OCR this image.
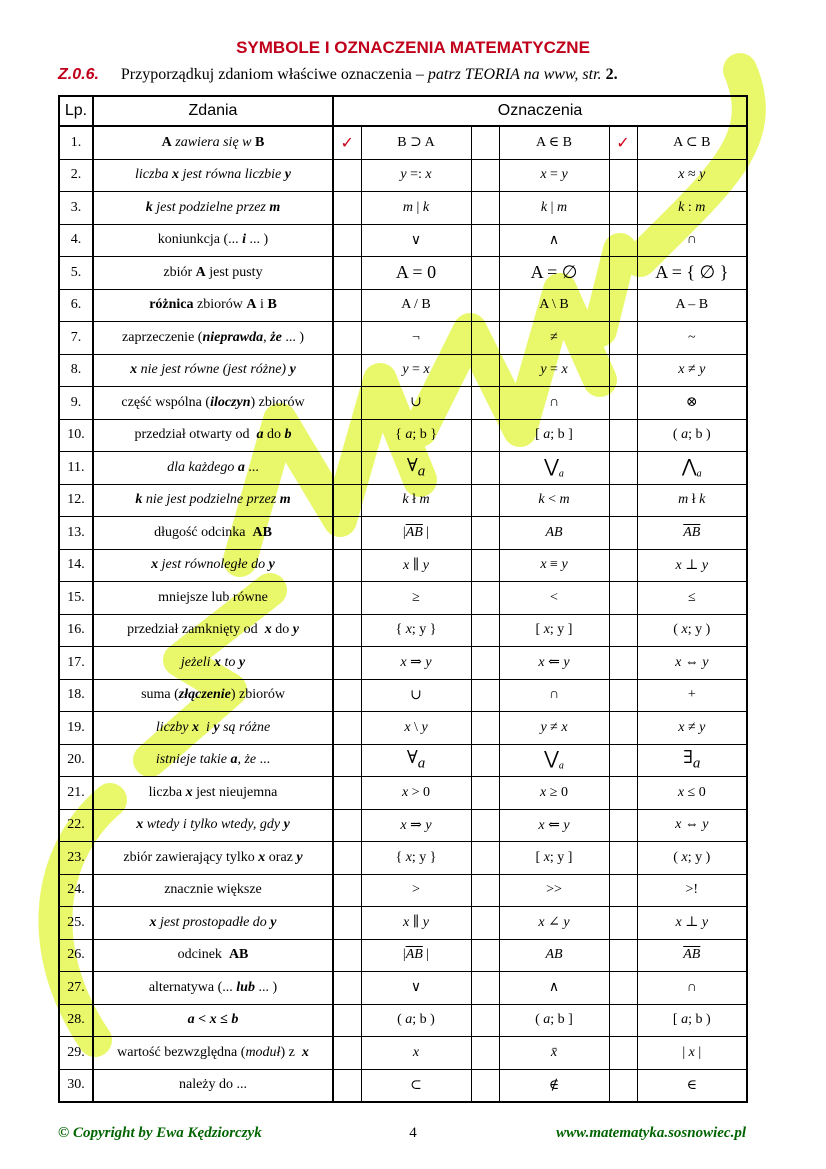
SYMBOLE I OZNACZENIA MATEMATYCZNE
Z.0.6. Przyporządkuj zdaniom właściwe oznaczenia – patrz TEORIA na www, str. 2.
Lp.	Zdania	Oznaczenia					
1.	A zawiera się w B	✓	B ⊃ A		A ∈ B	✓	A ⊂ B
2.	liczba x jest równa liczbie y		y =: x		x = y		x ≈ y
3.	k jest podzielne przez m		m | k		k | m		k : m
4.	koniunkcja (... i ... )		∨		∧		∩
5.	zbiór A jest pusty		A = 0		A = ∅		A = { ∅ }
6.	różnica zbiorów A i B		A / B		A \ B		A – B
7.	zaprzeczenie (nieprawda, że ... )		¬		≠		~
8.	x nie jest równe (jest różne) y		y = x		y = x		x ≠ y
9.	część wspólna (iloczyn) zbiorów		∪		∩		⊗
10.	przedział otwarty od  a do b		{ a; b }		[ a; b ]		( a; b )
11.	dla każdego a ...		$\forall_a$		$⋁_a$		$⋀_a$
12.	k nie jest podzielne przez m		k ł m		k < m		m ł k
13.	długość odcinka  AB		$|\overline{AB}$ |		AB		$\overline{AB}$
14.	x jest równoległe do y		x ∥ y		x ≡ y		x ⊥ y
15.	mniejsze lub równe		≥		<		≤
16.	przedział zamknięty od  x do y		{ x; y }		[ x; y ]		( x; y )
17.	jeżeli x to y		x ⇒ y		x ⇐ y		x ⇔ y
18.	suma (złączenie) zbiorów		∪		∩		+
19.	liczby x  i y są różne		x \ y		y ≠ x		x ≠ y
20.	istnieje takie a, że ...		$\forall_a$		$⋁_a$		$\exists_a$
21.	liczba x jest nieujemna		x > 0		x ≥ 0		x ≤ 0
22.	x wtedy i tylko wtedy, gdy y		x ⇒ y		x ⇐ y		x ⇔ y
23.	zbiór zawierający tylko x oraz y		{ x; y }		[ x; y ]		( x; y )
24.	znacznie większe		>		>>		>!
25.	x jest prostopadłe do y		x ∥ y		x ∠ y		x ⊥ y
26.	odcinek  AB		$|\overline{AB}$ |		AB		$\overline{AB}$
27.	alternatywa (... lub ... )		∨		∧		∩
28.	a < x ≤ b		( a; b )		( a; b ]		[ a; b )
29.	wartość bezwzględna (moduł) z  x		x		x̄		| x |
30.	należy do ...		⊂		∉		∈
© Copyright by Ewa Kędziorczyk	4	www.matematyka.sosnowiec.pl
